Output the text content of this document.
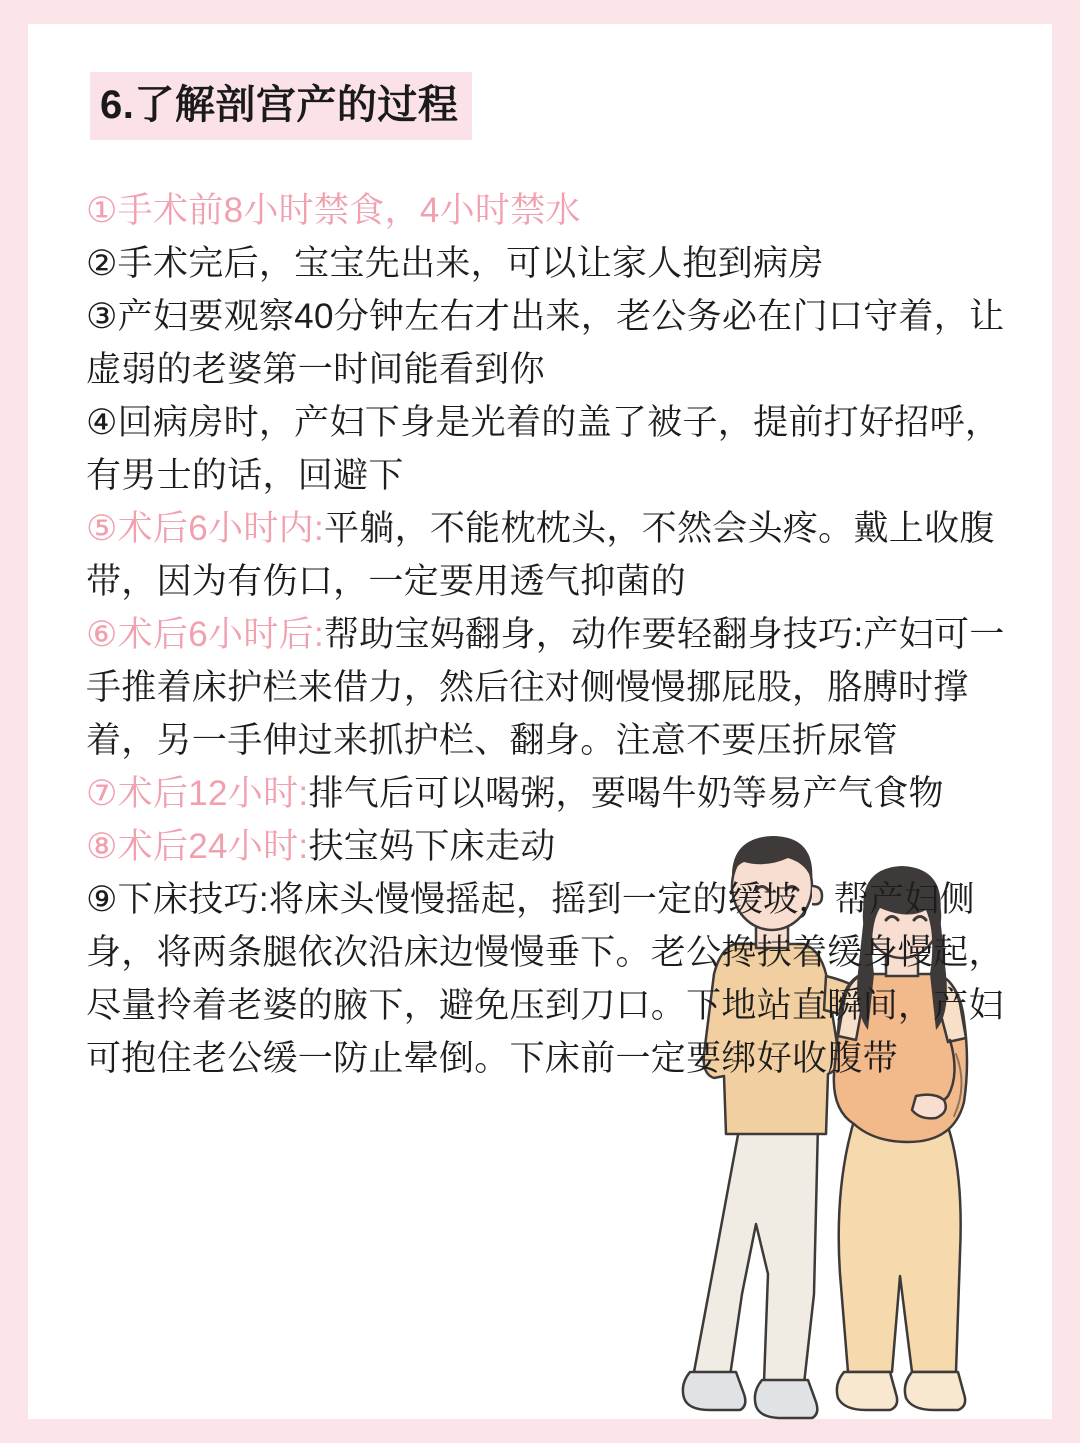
6.了解剖宫产的过程

①手术前8小时禁食，4小时禁水

②手术完后，宝宝先出来，可以让家人抱到病房

③产妇要观察40分钟左右才出来，老公务必在门口守着，让虚弱的老婆第一时间能看到你

④回病房时，产妇下身是光着的盖了被子，提前打好招呼，有男士的话，回避下

⑤术后6小时内:平躺，不能枕枕头，不然会头疼。戴上收腹带，因为有伤口，一定要用透气抑菌的

⑥术后6小时后:帮助宝妈翻身，动作要轻翻身技巧:产妇可一手推着床护栏来借力，然后往对侧慢慢挪屁股，胳膊时撑着，另一手伸过来抓护栏、翻身。注意不要压折尿管

⑦术后12小时:排气后可以喝粥，要喝牛奶等易产气食物

⑧术后24小时:扶宝妈下床走动

⑨下床技巧:将床头慢慢摇起，摇到一定的缓坡，帮产妇侧身，将两条腿依次沿床边慢慢垂下。老公搀扶着缓身慢起，尽量拎着老婆的腋下，避免压到刀口。下地站直瞬间，产妇可抱住老公缓一防止晕倒。下床前一定要绑好收腹带
